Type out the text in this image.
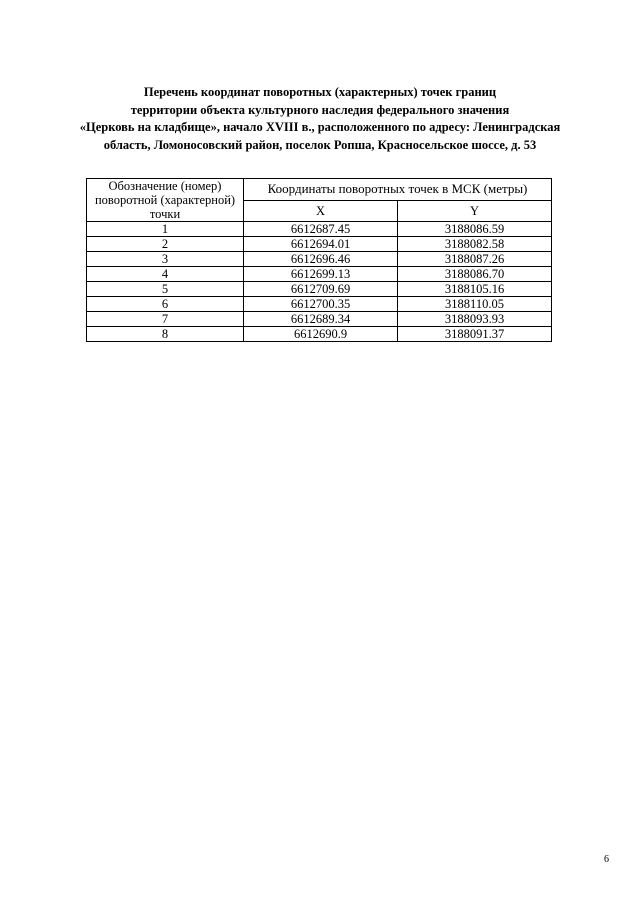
Перечень координат поворотных (характерных) точек границ
территории объекта культурного наследия федерального значения
«Церковь на кладбище», начало XVIII в., расположенного по адресу: Ленинградская
область, Ломоносовский район, поселок Ропша, Красносельское шоссе, д. 53
Обозначение (номер) поворотной (характерной) точки	Координаты поворотных точек в МСК (метры)	
	X	Y
1	6612687.45	3188086.59
2	6612694.01	3188082.58
3	6612696.46	3188087.26
4	6612699.13	3188086.70
5	6612709.69	3188105.16
6	6612700.35	3188110.05
7	6612689.34	3188093.93
8	6612690.9	3188091.37
6
